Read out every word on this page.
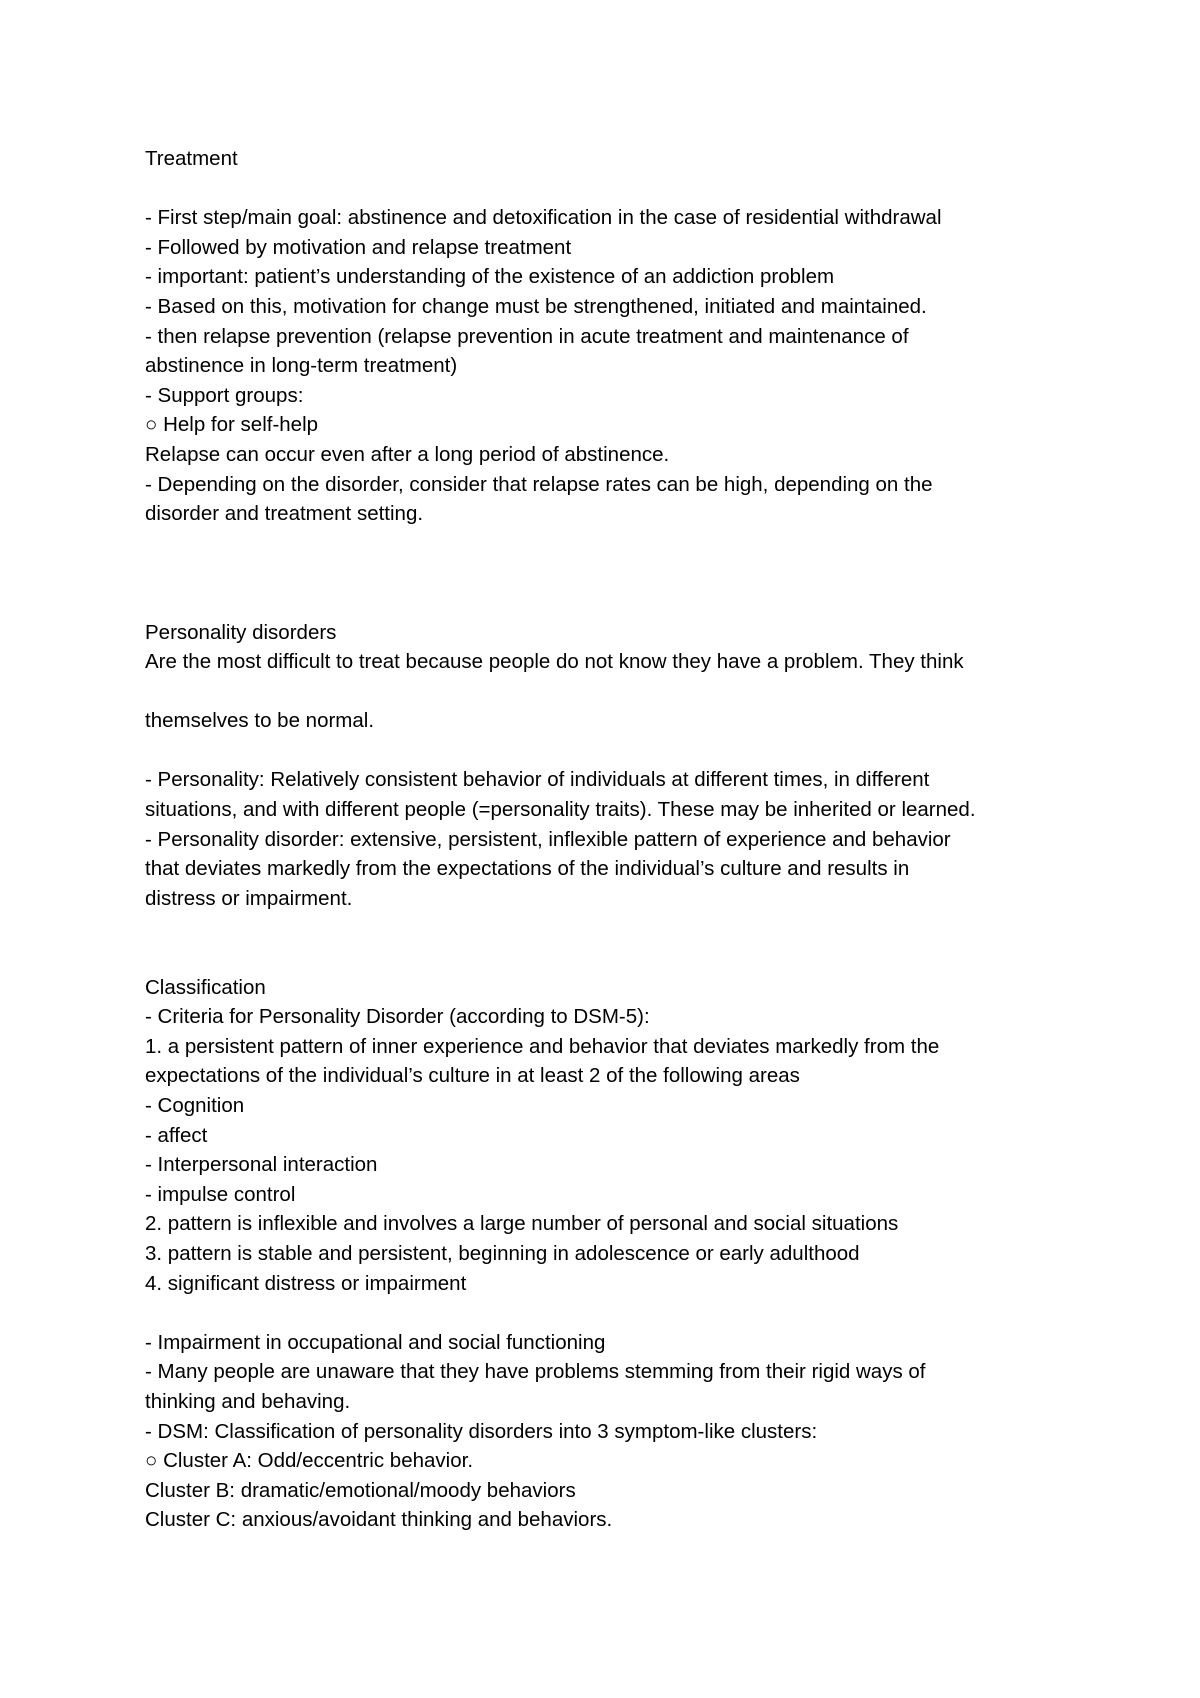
Treatment
- First step/main goal: abstinence and detoxification in the case of residential withdrawal
- Followed by motivation and relapse treatment
- important: patient’s understanding of the existence of an addiction problem
- Based on this, motivation for change must be strengthened, initiated and maintained.
- then relapse prevention (relapse prevention in acute treatment and maintenance of
abstinence in long-term treatment)
- Support groups:
○ Help for self-help
Relapse can occur even after a long period of abstinence.
- Depending on the disorder, consider that relapse rates can be high, depending on the
disorder and treatment setting.
Personality disorders
Are the most difficult to treat because people do not know they have a problem. They think
themselves to be normal.
- Personality: Relatively consistent behavior of individuals at different times, in different
situations, and with different people (=personality traits). These may be inherited or learned.
- Personality disorder: extensive, persistent, inflexible pattern of experience and behavior
that deviates markedly from the expectations of the individual’s culture and results in
distress or impairment.
Classification
- Criteria for Personality Disorder (according to DSM-5):
1. a persistent pattern of inner experience and behavior that deviates markedly from the
expectations of the individual’s culture in at least 2 of the following areas
- Cognition
- affect
- Interpersonal interaction
- impulse control
2. pattern is inflexible and involves a large number of personal and social situations
3. pattern is stable and persistent, beginning in adolescence or early adulthood
4. significant distress or impairment
- Impairment in occupational and social functioning
- Many people are unaware that they have problems stemming from their rigid ways of
thinking and behaving.
- DSM: Classification of personality disorders into 3 symptom-like clusters:
○ Cluster A: Odd/eccentric behavior.
Cluster B: dramatic/emotional/moody behaviors
Cluster C: anxious/avoidant thinking and behaviors.
